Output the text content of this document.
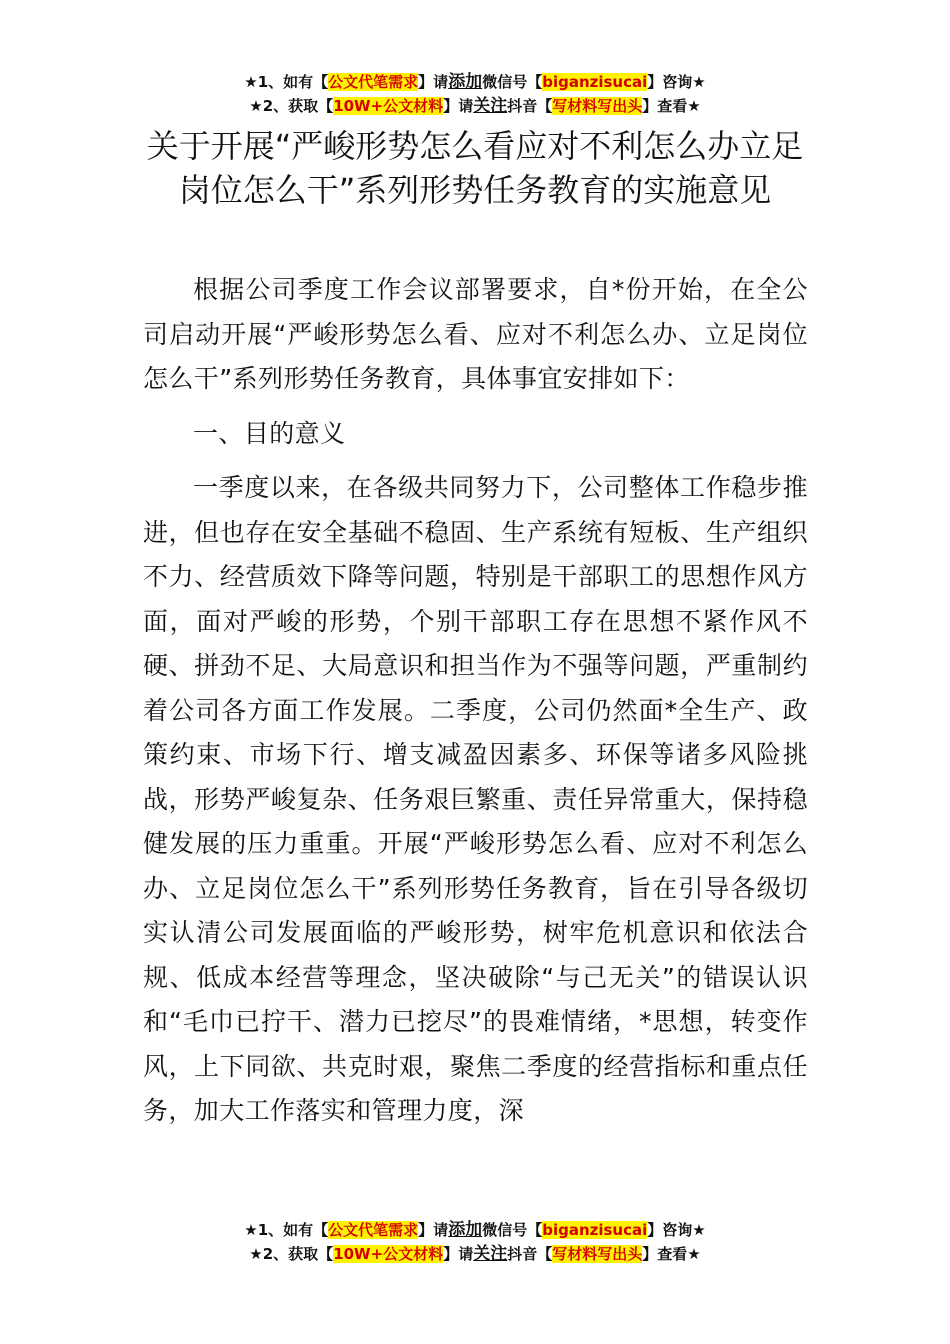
★1、如有【公文代笔需求】请添加微信号【biganzisucai】咨询★
★2、获取【10W+公文材料】请关注抖音【写材料写出头】查看★
关于开展“严峻形势怎么看应对不利怎么办立足岗位怎么干”系列形势任务教育的实施意见

根据公司季度工作会议部署要求，自*份开始，在全公司启动开展“严峻形势怎么看、应对不利怎么办、立足岗位怎么干”系列形势任务教育，具体事宜安排如下：

一、目的意义

一季度以来，在各级共同努力下，公司整体工作稳步推进，但也存在安全基础不稳固、生产系统有短板、生产组织不力、经营质效下降等问题，特别是干部职工的思想作风方面，面对严峻的形势，个别干部职工存在思想不紧作风不硬、拼劲不足、大局意识和担当作为不强等问题，严重制约着公司各方面工作发展。二季度，公司仍然面*全生产、政策约束、市场下行、增支减盈因素多、环保等诸多风险挑战，形势严峻复杂、任务艰巨繁重、责任异常重大，保持稳健发展的压力重重。开展“严峻形势怎么看、应对不利怎么办、立足岗位怎么干”系列形势任务教育，旨在引导各级切实认清公司发展面临的严峻形势，树牢危机意识和依法合规、低成本经营等理念，坚决破除“与己无关”的错误认识和“毛巾已拧干、潜力已挖尽”的畏难情绪，*思想，转变作风，上下同欲、共克时艰，聚焦二季度的经营指标和重点任务，加大工作落实和管理力度，深

★1、如有【公文代笔需求】请添加微信号【biganzisucai】咨询★
★2、获取【10W+公文材料】请关注抖音【写材料写出头】查看★
